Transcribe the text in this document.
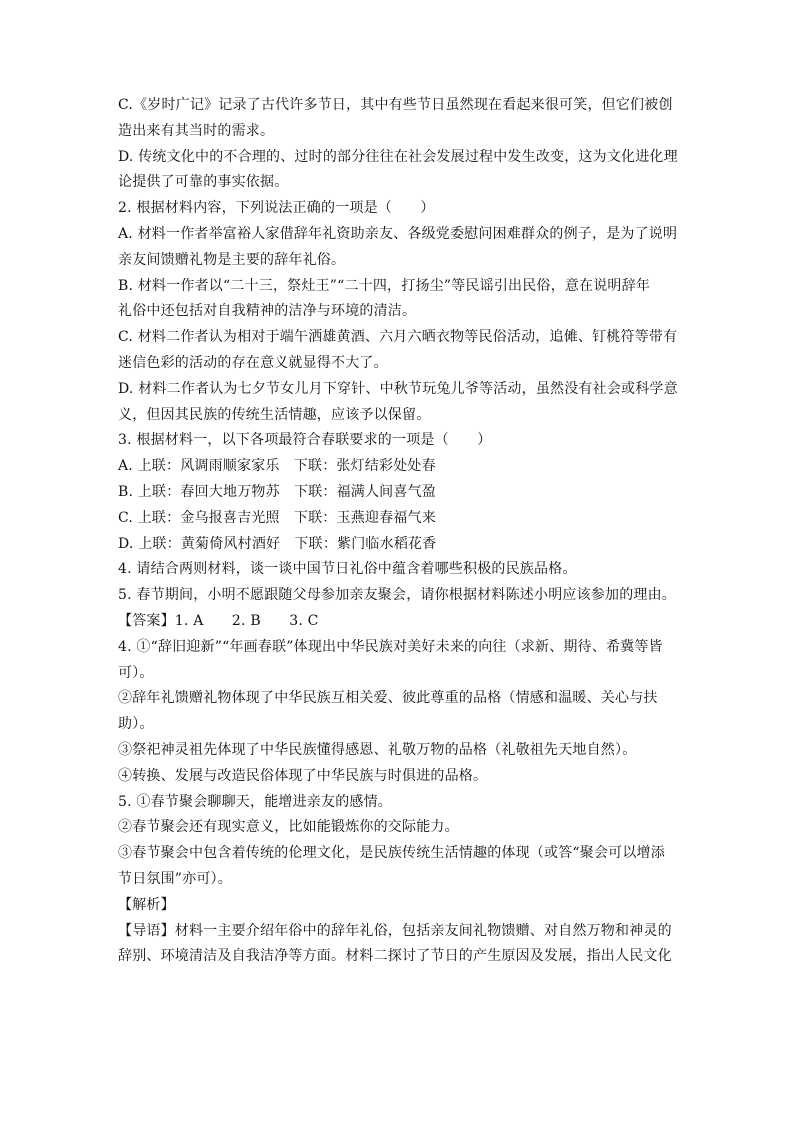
C.《岁时广记》记录了古代许多节日，其中有些节日虽然现在看起来很可笑，但它们被创
造出来有其当时的需求。
D. 传统文化中的不合理的、过时的部分往往在社会发展过程中发生改变，这为文化进化理
论提供了可靠的事实依据。
2. 根据材料内容，下列说法正确的一项是（　　）
A. 材料一作者举富裕人家借辞年礼资助亲友、各级党委慰问困难群众的例子，是为了说明
亲友间馈赠礼物是主要的辞年礼俗。
B. 材料一作者以“二十三，祭灶王”“二十四，打扬尘”等民谣引出民俗，意在说明辞年
礼俗中还包括对自我精神的洁净与环境的清洁。
C. 材料二作者认为相对于端午洒雄黄酒、六月六晒衣物等民俗活动，追傩、钉桃符等带有
迷信色彩的活动的存在意义就显得不大了。
D. 材料二作者认为七夕节女儿月下穿针、中秋节玩兔儿爷等活动，虽然没有社会或科学意
义，但因其民族的传统生活情趣，应该予以保留。
3. 根据材料一，以下各项最符合春联要求的一项是（　　）
A. 上联：风调雨顺家家乐　下联：张灯结彩处处春
B. 上联：春回大地万物苏　下联：福满人间喜气盈
C. 上联：金乌报喜吉光照　下联：玉燕迎春福气来
D. 上联：黄菊倚风村酒好　下联：紫门临水稻花香
4. 请结合两则材料，谈一谈中国节日礼俗中蕴含着哪些积极的民族品格。
5. 春节期间，小明不愿跟随父母参加亲友聚会，请你根据材料陈述小明应该参加的理由。
【答案】1. A　　2. B　　3. C
4. ①“辞旧迎新”“年画春联”体现出中华民族对美好未来的向往（求新、期待、希冀等皆
可）。
②辞年礼馈赠礼物体现了中华民族互相关爱、彼此尊重的品格（情感和温暖、关心与扶
助）。
③祭祀神灵祖先体现了中华民族懂得感恩、礼敬万物的品格（礼敬祖先天地自然）。
④转换、发展与改造民俗体现了中华民族与时俱进的品格。
5. ①春节聚会聊聊天，能增进亲友的感情。
②春节聚会还有现实意义，比如能锻炼你的交际能力。
③春节聚会中包含着传统的伦理文化，是民族传统生活情趣的体现（或答“聚会可以增添
节日氛围”亦可）。
【解析】
【导语】材料一主要介绍年俗中的辞年礼俗，包括亲友间礼物馈赠、对自然万物和神灵的
辞别、环境清洁及自我洁净等方面。材料二探讨了节日的产生原因及发展，指出人民文化
